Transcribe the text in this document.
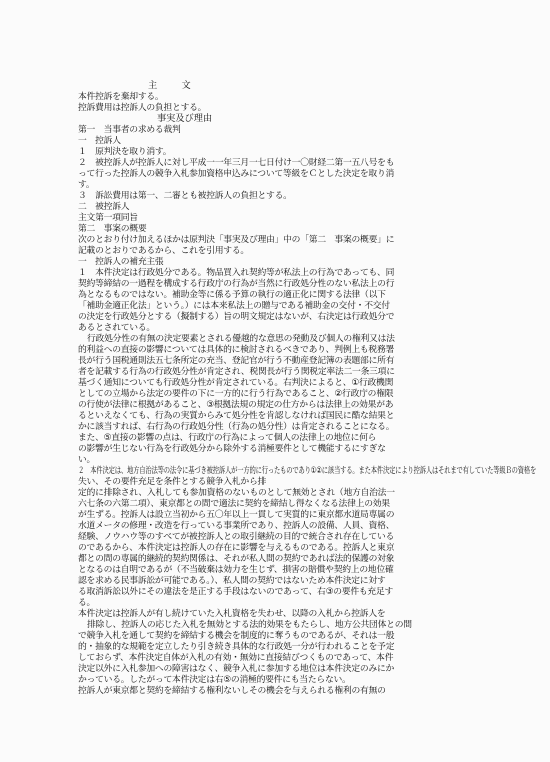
主　　文
本件控訴を棄却する。
控訴費用は控訴人の負担とする。
事実及び理由
第一　当事者の求める裁判
一　控訴人
１　原判決を取り消す。
２　被控訴人が控訴人に対し平成一一年三月一七日付け一〇財経二第一五八号をも
って行った控訴人の競争入札参加資格申込みについて等級をＣとした決定を取り消
す。
３　訴訟費用は第一、二審とも被控訴人の負担とする。
二　被控訴人
主文第一項同旨
第二　事案の概要
次のとおり付け加えるほかは原判決「事実及び理由」中の「第二　事案の概要」に
記載のとおりであるから、これを引用する。
一　控訴人の補充主張
１　本件決定は行政処分である。物品買入れ契約等が私法上の行為であっても、同
契約等締結の一過程を構成する行政庁の行為が当然に行政処分性のない私法上の行
為となるものではない。補助金等に係る予算の執行の適正化に関する法律（以下
「補助金適正化法」という。）には本来私法上の贈与である補助金の交付・不交付
の決定を行政処分とする（擬制する）旨の明文規定はないが、右決定は行政処分で
あるとされている。
行政処分性の有無の決定要素とされる優越的な意思の発動及び個人の権利又は法
的利益への直接の影響については具体的に検討されるべきであり、判例上も税務署
長が行う国税通則法五七条所定の充当、登記官が行う不動産登記簿の表題部に所有
者を記載する行為の行政処分性が肯定され、税関長が行う関税定率法二一条三項に
基づく通知についても行政処分性が肯定されている。右判決によると、①行政機関
としての立場から法定の要件の下に一方的に行う行為であること、②行政庁の権限
の行使が法律に根拠があること、③根拠法規の規定の仕方からは法律上の効果があ
るといえなくても、行為の実質からみて処分性を肯認しなければ国民に酷な結果と
かに該当すれば、右行為の行政処分性（行為の処分性）は肯定されることになる。
また、⑤直接の影響の点は、行政庁の行為によって個人の法律上の地位に何ら
の影響が生じない行為を行政処分から除外する消極要件として機能するにすぎな
い。
２　本件決定は、地方自治法等の法令に基づき被控訴人が一方的に行ったものであり①②に該当する。また本件決定により控訴人はそれまで有していた等級Ｂの資格を
失い、その要件充足を条件とする競争入札から排
定的に排除され、入札しても参加資格のないものとして無効とされ（地方自治法一
六七条の六第二項）、東京都との間で適法に契約を締結し得なくなる法律上の効果
が生ずる。控訴人は設立当初から五〇年以上一貫して実質的に東京都水道局専属の
水道メータの修理・改造を行っている事業所であり、控訴人の設備、人員、資格、
経験、ノウハウ等のすべてが被控訴人との取引継続の目的で統合され存在している
のであるから、本件決定は控訴人の存在に影響を与えるものである。控訴人と東京
都との間の専属的継続的契約関係は、それが私人間の契約であれば法的保護の対象
となるのは自明であるが（不当破棄は効力を生じず、損害の賠償や契約上の地位確
認を求める民事訴訟が可能である。）、私人間の契約ではないため本件決定に対す
る取消訴訟以外にその違法を是正する手段はないのであって、右③の要件も充足す
る。
本件決定は控訴人が有し続けていた入札資格を失わせ、以降の入札から控訴人を
排除し、控訴人の応じた入札を無効とする法的効果をもたらし、地方公共団体との間
で競争入札を通して契約を締結する機会を制度的に奪うものであるが、それは一般
的・抽象的な規範を定立したり引き続き具体的な行政処一分が行われることを予定
しておらず、本件決定自体が入札の有効・無効に直接結びつくものであって、本件
決定以外に入札参加への障害はなく、競争入札に参加する地位は本件決定のみにか
かっている。したがって本件決定は右⑤の消極的要件にも当たらない。
控訴人が東京都と契約を締結する権利ないしその機会を与えられる権利の有無の
